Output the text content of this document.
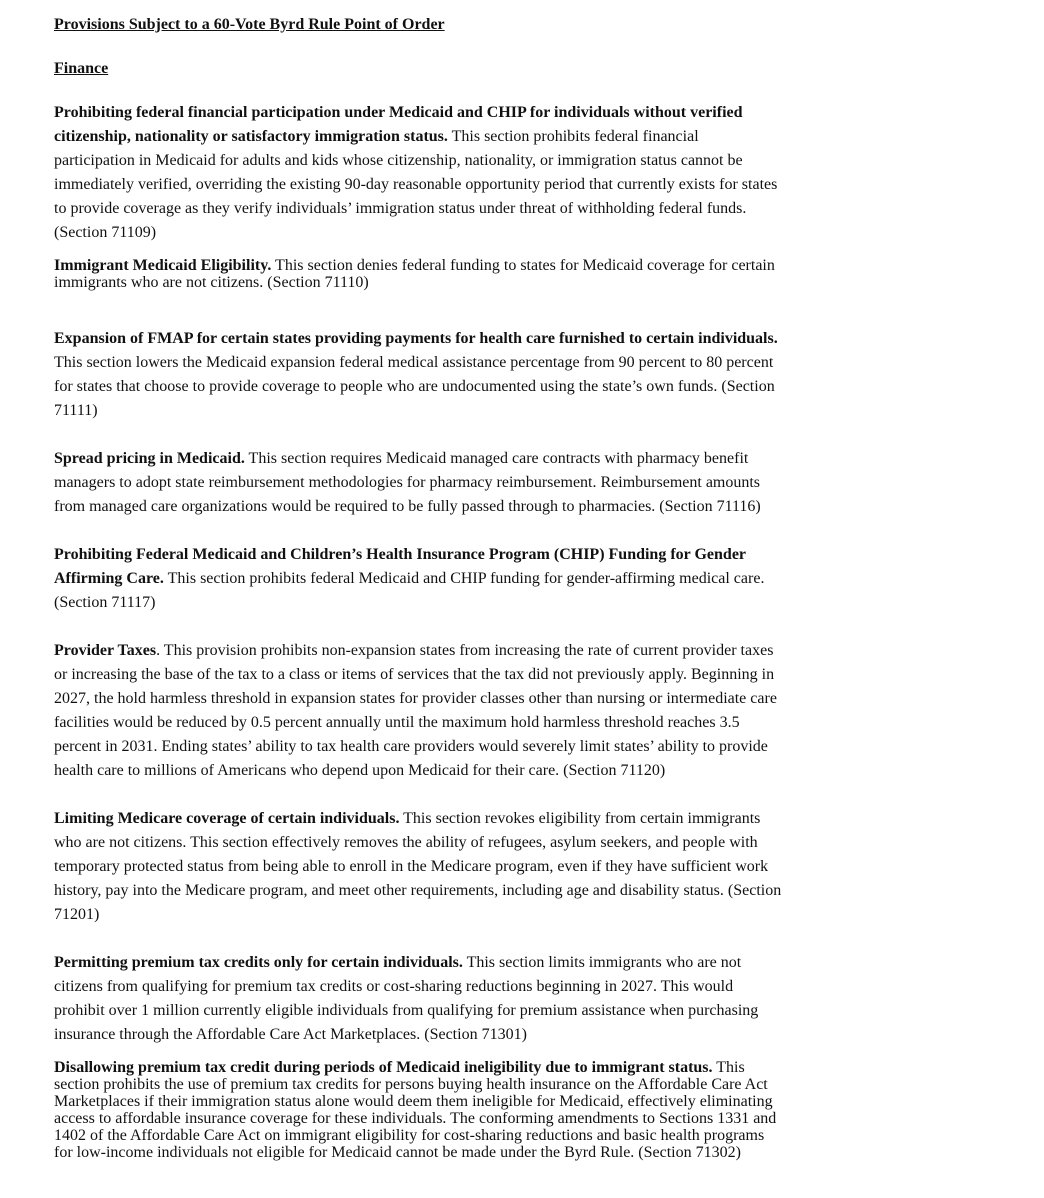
Provisions Subject to a 60-Vote Byrd Rule Point of Order

Finance

Prohibiting federal financial participation under Medicaid and CHIP for individuals without verified citizenship, nationality or satisfactory immigration status. This section prohibits federal financial participation in Medicaid for adults and kids whose citizenship, nationality, or immigration status cannot be immediately verified, overriding the existing 90-day reasonable opportunity period that currently exists for states to provide coverage as they verify individuals’ immigration status under threat of withholding federal funds. (Section 71109)

Immigrant Medicaid Eligibility. This section denies federal funding to states for Medicaid coverage for certain immigrants who are not citizens. (Section 71110)

Expansion of FMAP for certain states providing payments for health care furnished to certain individuals. This section lowers the Medicaid expansion federal medical assistance percentage from 90 percent to 80 percent for states that choose to provide coverage to people who are undocumented using the state’s own funds. (Section 71111)

Spread pricing in Medicaid. This section requires Medicaid managed care contracts with pharmacy benefit managers to adopt state reimbursement methodologies for pharmacy reimbursement. Reimbursement amounts from managed care organizations would be required to be fully passed through to pharmacies. (Section 71116)

Prohibiting Federal Medicaid and Children’s Health Insurance Program (CHIP) Funding for Gender Affirming Care. This section prohibits federal Medicaid and CHIP funding for gender-affirming medical care. (Section 71117)

Provider Taxes. This provision prohibits non-expansion states from increasing the rate of current provider taxes or increasing the base of the tax to a class or items of services that the tax did not previously apply. Beginning in 2027, the hold harmless threshold in expansion states for provider classes other than nursing or intermediate care facilities would be reduced by 0.5 percent annually until the maximum hold harmless threshold reaches 3.5 percent in 2031. Ending states’ ability to tax health care providers would severely limit states’ ability to provide health care to millions of Americans who depend upon Medicaid for their care. (Section 71120)

Limiting Medicare coverage of certain individuals. This section revokes eligibility from certain immigrants who are not citizens. This section effectively removes the ability of refugees, asylum seekers, and people with temporary protected status from being able to enroll in the Medicare program, even if they have sufficient work history, pay into the Medicare program, and meet other requirements, including age and disability status. (Section 71201)

Permitting premium tax credits only for certain individuals. This section limits immigrants who are not citizens from qualifying for premium tax credits or cost-sharing reductions beginning in 2027. This would prohibit over 1 million currently eligible individuals from qualifying for premium assistance when purchasing insurance through the Affordable Care Act Marketplaces. (Section 71301)

Disallowing premium tax credit during periods of Medicaid ineligibility due to immigrant status. This section prohibits the use of premium tax credits for persons buying health insurance on the Affordable Care Act Marketplaces if their immigration status alone would deem them ineligible for Medicaid, effectively eliminating access to affordable insurance coverage for these individuals. The conforming amendments to Sections 1331 and 1402 of the Affordable Care Act on immigrant eligibility for cost-sharing reductions and basic health programs for low-income individuals not eligible for Medicaid cannot be made under the Byrd Rule. (Section 71302)
